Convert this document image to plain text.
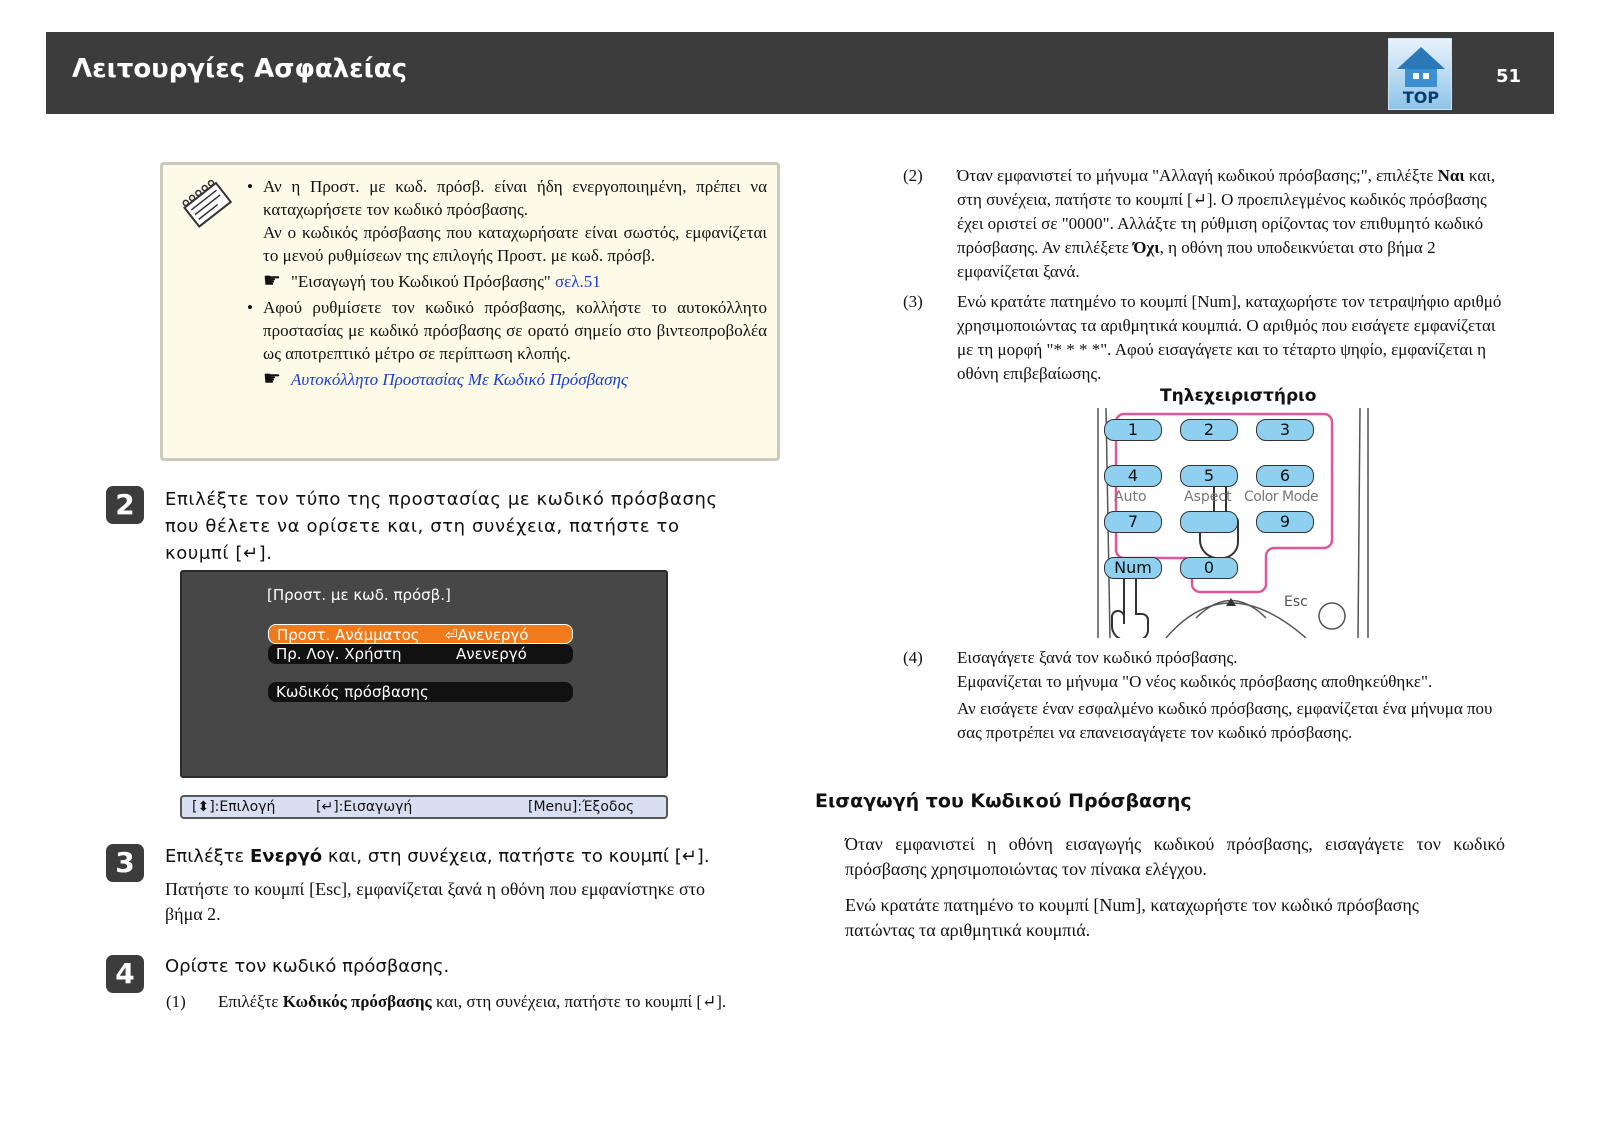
Λειτουργίες Ασφαλείας
TOP
51
• Αν η Προστ. με κωδ. πρόσβ. είναι ήδη ενεργοποιημένη, πρέπει να καταχωρήσετε τον κωδικό πρόσβασης.
Αν ο κωδικός πρόσβασης που καταχωρήσατε είναι σωστός, εμφανίζεται το μενού ρυθμίσεων της επιλογής Προστ. με κωδ. πρόσβ.
☛ "Εισαγωγή του Κωδικού Πρόσβασης" σελ.51
• Αφού ρυθμίσετε τον κωδικό πρόσβασης, κολλήστε το αυτοκόλλητο προστασίας με κωδικό πρόσβασης σε ορατό σημείο στο βιντεοπροβολέα ως αποτρεπτικό μέτρο σε περίπτωση κλοπής.
☛ Αυτοκόλλητο Προστασίας Με Κωδικό Πρόσβασης
2	Επιλέξτε τον τύπο της προστασίας με κωδικό πρόσβασης που θέλετε να ορίσετε και, στη συνέχεια, πατήστε το κουμπί [↵].
[Προστ. με κωδ. πρόσβ.]
Προστ. Ανάμματος ⏎Ανενεργό
Πρ. Λογ. Χρήστη	Ανενεργό
Κωδικός πρόσβασης
[⬍]:Επιλογή	[↵]:Εισαγωγή	[Menu]:Έξοδος
3	Επιλέξτε Ενεργό και, στη συνέχεια, πατήστε το κουμπί [↵].
Πατήστε το κουμπί [Esc], εμφανίζεται ξανά η οθόνη που εμφανίστηκε στο βήμα 2.
4	Ορίστε τον κωδικό πρόσβασης.
(1) Επιλέξτε Κωδικός πρόσβασης και, στη συνέχεια, πατήστε το κουμπί [↵].
(2) Όταν εμφανιστεί το μήνυμα "Αλλαγή κωδικού πρόσβασης;", επιλέξτε Ναι και, στη συνέχεια, πατήστε το κουμπί [↵]. Ο προεπιλεγμένος κωδικός πρόσβασης έχει οριστεί σε "0000". Αλλάξτε τη ρύθμιση ορίζοντας τον επιθυμητό κωδικό πρόσβασης. Αν επιλέξετε Όχι, η οθόνη που υποδεικνύεται στο βήμα 2 εμφανίζεται ξανά.
(3) Ενώ κρατάτε πατημένο το κουμπί [Num], καταχωρήστε τον τετραψήφιο αριθμό χρησιμοποιώντας τα αριθμητικά κουμπιά. Ο αριθμός που εισάγετε εμφανίζεται με τη μορφή "* * * *". Αφού εισαγάγετε και το τέταρτο ψηφίο, εμφανίζεται η οθόνη επιβεβαίωσης.
Τηλεχειριστήριο
1	2	3
4	5	6
Auto	Aspect Color Mode
7	9
Num	0
Esc
(4) Εισαγάγετε ξανά τον κωδικό πρόσβασης.
Εμφανίζεται το μήνυμα "Ο νέος κωδικός πρόσβασης αποθηκεύθηκε".
Αν εισάγετε έναν εσφαλμένο κωδικό πρόσβασης, εμφανίζεται ένα μήνυμα που σας προτρέπει να επανεισαγάγετε τον κωδικό πρόσβασης.
Εισαγωγή του Κωδικού Πρόσβασης
Όταν εμφανιστεί η οθόνη εισαγωγής κωδικού πρόσβασης, εισαγάγετε τον κωδικό πρόσβασης χρησιμοποιώντας τον πίνακα ελέγχου.
Ενώ κρατάτε πατημένο το κουμπί [Num], καταχωρήστε τον κωδικό πρόσβασης πατώντας τα αριθμητικά κουμπιά.
